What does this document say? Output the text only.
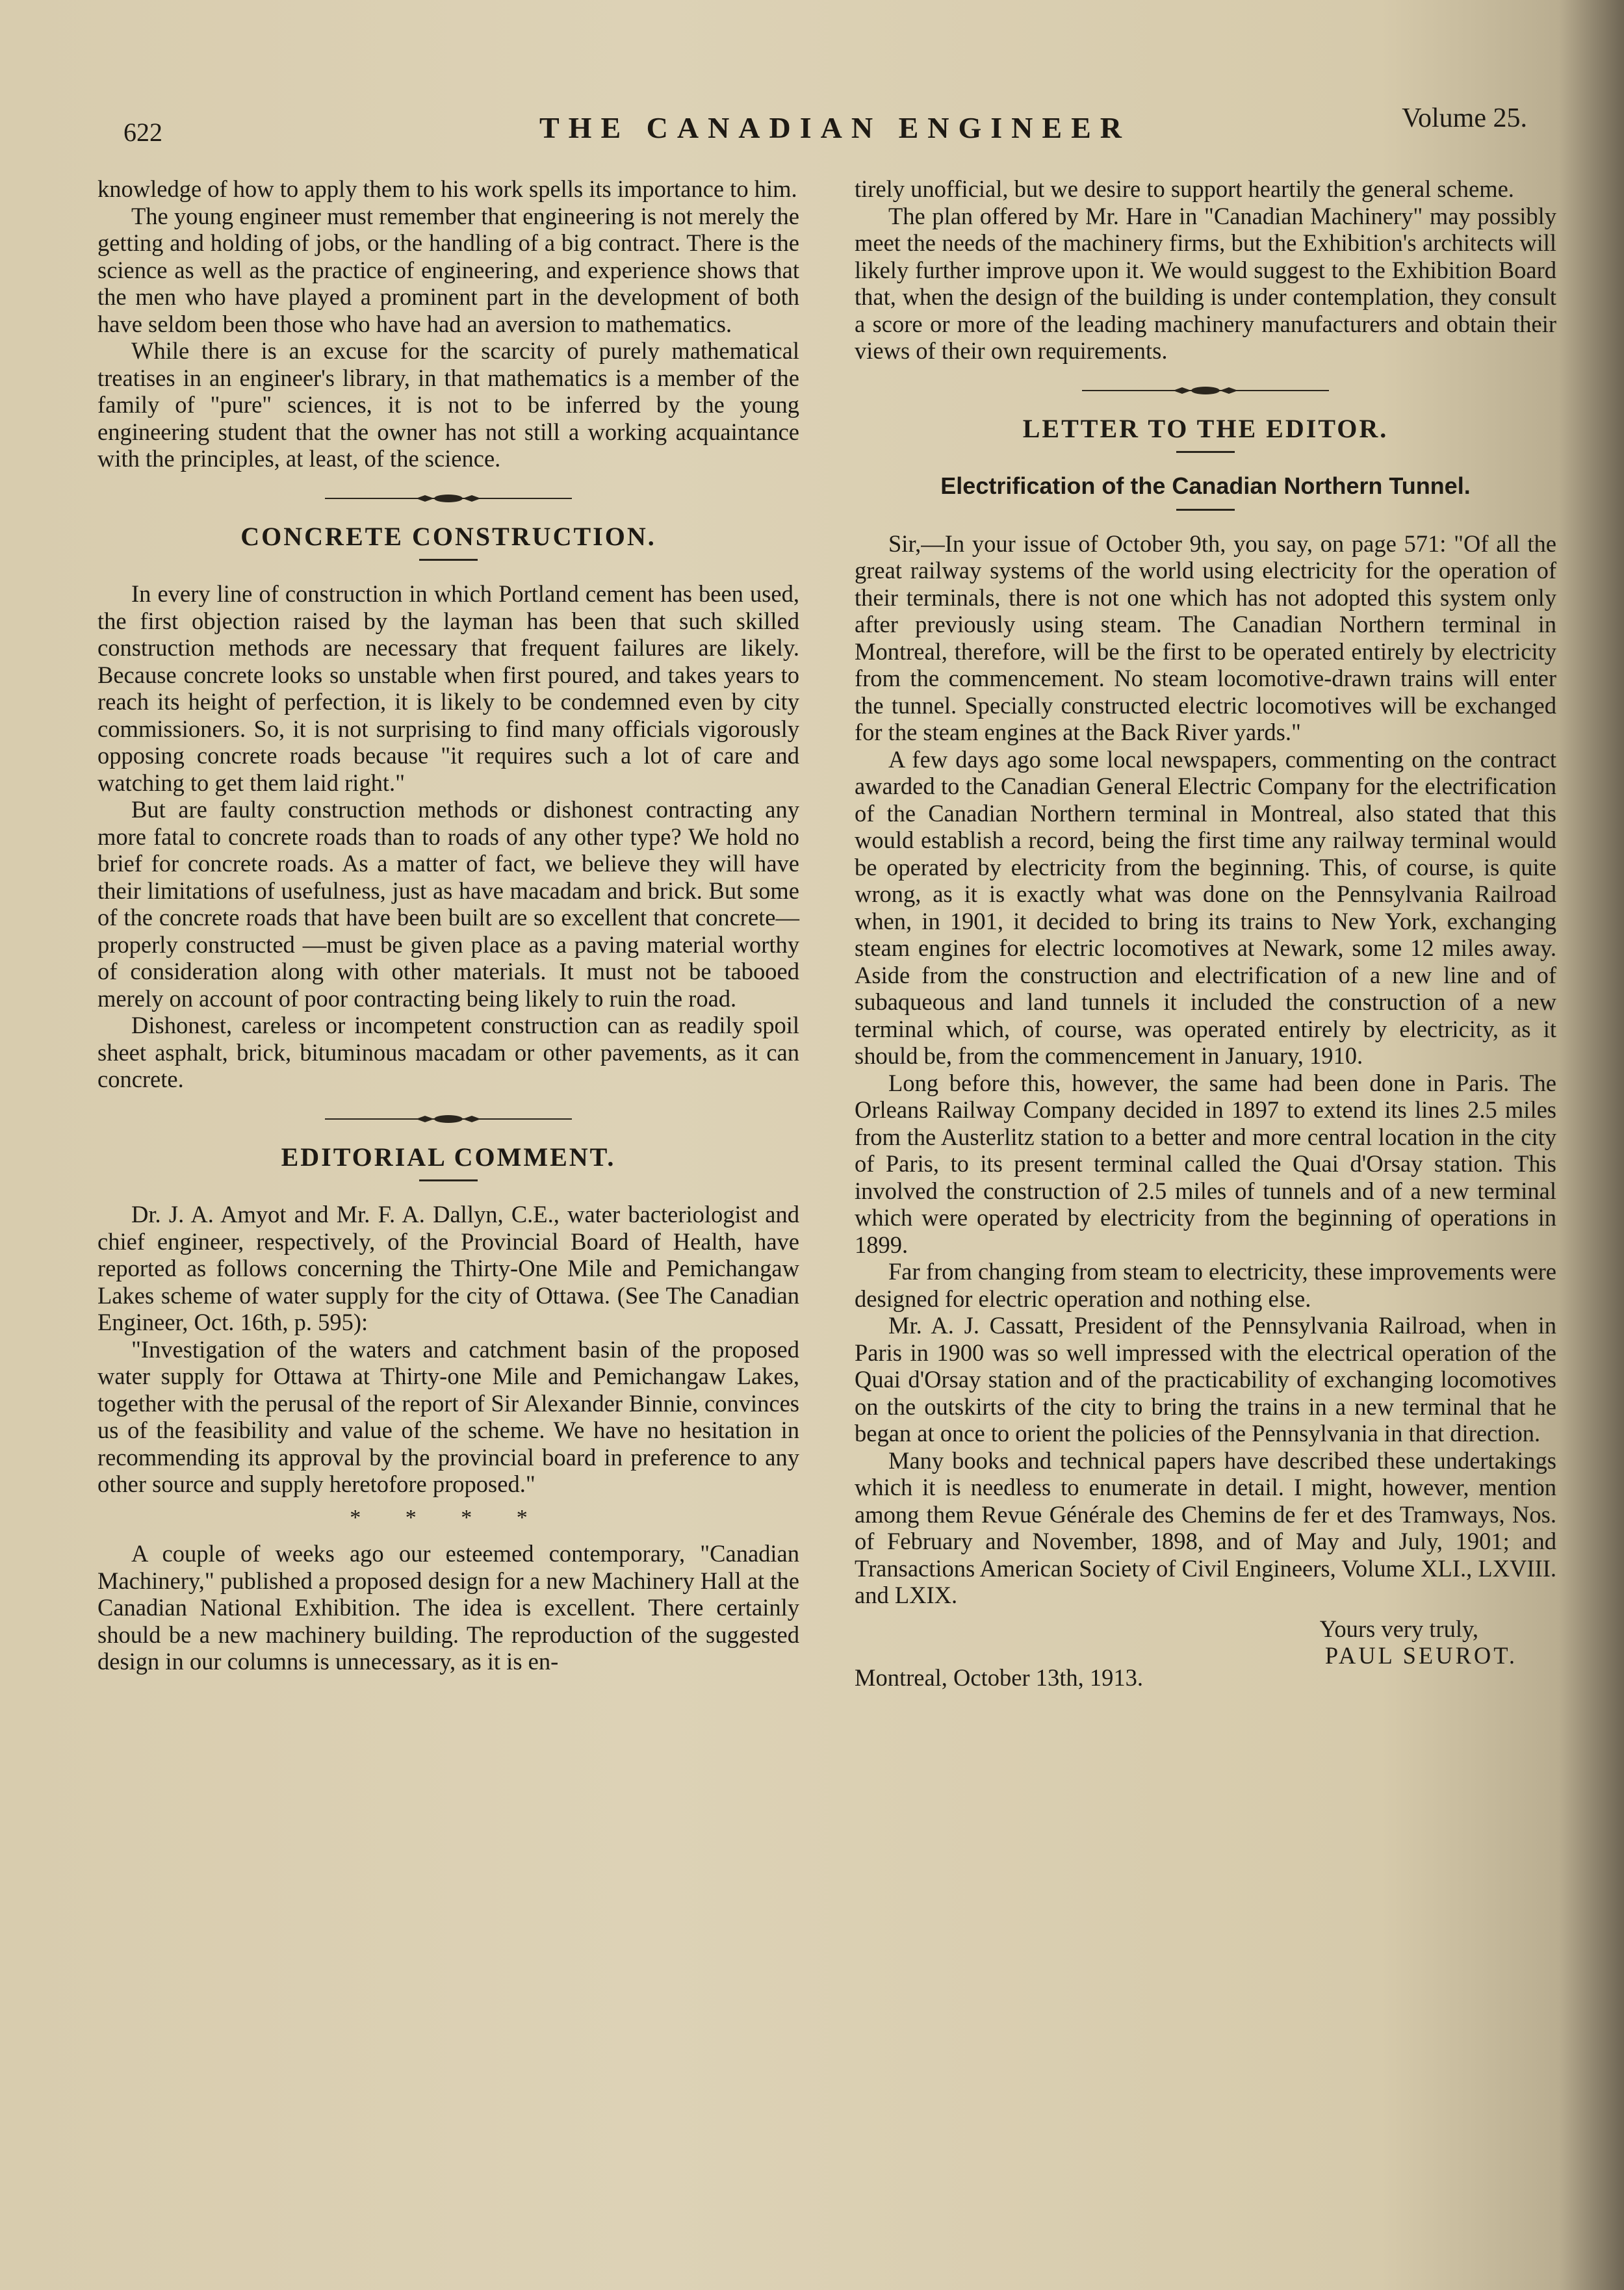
622	THE CANADIAN ENGINEER	Volume 25.

knowledge of how to apply them to his work spells its importance to him.

The young engineer must remember that engineering is not merely the getting and holding of jobs, or the handling of a big contract. There is the science as well as the practice of engineering, and experience shows that the men who have played a prominent part in the development of both have seldom been those who have had an aversion to mathematics.

While there is an excuse for the scarcity of purely mathematical treatises in an engineer's library, in that mathematics is a member of the family of "pure" sciences, it is not to be inferred by the young engineering student that the owner has not still a working acquaintance with the principles, at least, of the science.

CONCRETE CONSTRUCTION.

In every line of construction in which Portland cement has been used, the first objection raised by the layman has been that such skilled construction methods are necessary that frequent failures are likely. Because concrete looks so unstable when first poured, and takes years to reach its height of perfection, it is likely to be condemned even by city commissioners. So, it is not surprising to find many officials vigorously opposing concrete roads because "it requires such a lot of care and watching to get them laid right."

But are faulty construction methods or dishonest contracting any more fatal to concrete roads than to roads of any other type? We hold no brief for concrete roads. As a matter of fact, we believe they will have their limitations of usefulness, just as have macadam and brick. But some of the concrete roads that have been built are so excellent that concrete—properly constructed —must be given place as a paving material worthy of consideration along with other materials. It must not be tabooed merely on account of poor contracting being likely to ruin the road.

Dishonest, careless or incompetent construction can as readily spoil sheet asphalt, brick, bituminous macadam or other pavements, as it can concrete.

EDITORIAL COMMENT.

Dr. J. A. Amyot and Mr. F. A. Dallyn, C.E., water bacteriologist and chief engineer, respectively, of the Provincial Board of Health, have reported as follows concerning the Thirty-One Mile and Pemichangaw Lakes scheme of water supply for the city of Ottawa. (See The Canadian Engineer, Oct. 16th, p. 595):

"Investigation of the waters and catchment basin of the proposed water supply for Ottawa at Thirty-one Mile and Pemichangaw Lakes, together with the perusal of the report of Sir Alexander Binnie, convinces us of the feasibility and value of the scheme. We have no hesitation in recommending its approval by the provincial board in preference to any other source and supply heretofore proposed."

* * * *

A couple of weeks ago our esteemed contemporary, "Canadian Machinery," published a proposed design for a new Machinery Hall at the Canadian National Exhibition. The idea is excellent. There certainly should be a new machinery building. The reproduction of the suggested design in our columns is unnecessary, as it is en-

tirely unofficial, but we desire to support heartily the general scheme.

The plan offered by Mr. Hare in "Canadian Machinery" may possibly meet the needs of the machinery firms, but the Exhibition's architects will likely further improve upon it. We would suggest to the Exhibition Board that, when the design of the building is under contemplation, they consult a score or more of the leading machinery manufacturers and obtain their views of their own requirements.

LETTER TO THE EDITOR.
Electrification of the Canadian Northern Tunnel.

Sir,—In your issue of October 9th, you say, on page 571: "Of all the great railway systems of the world using electricity for the operation of their terminals, there is not one which has not adopted this system only after previously using steam. The Canadian Northern terminal in Montreal, therefore, will be the first to be operated entirely by electricity from the commencement. No steam locomotive-drawn trains will enter the tunnel. Specially constructed electric locomotives will be exchanged for the steam engines at the Back River yards."

A few days ago some local newspapers, commenting on the contract awarded to the Canadian General Electric Company for the electrification of the Canadian Northern terminal in Montreal, also stated that this would establish a record, being the first time any railway terminal would be operated by electricity from the beginning. This, of course, is quite wrong, as it is exactly what was done on the Pennsylvania Railroad when, in 1901, it decided to bring its trains to New York, exchanging steam engines for electric locomotives at Newark, some 12 miles away. Aside from the construction and electrification of a new line and of subaqueous and land tunnels it included the construction of a new terminal which, of course, was operated entirely by electricity, as it should be, from the commencement in January, 1910.

Long before this, however, the same had been done in Paris. The Orleans Railway Company decided in 1897 to extend its lines 2.5 miles from the Austerlitz station to a better and more central location in the city of Paris, to its present terminal called the Quai d'Orsay station. This involved the construction of 2.5 miles of tunnels and of a new terminal which were operated by electricity from the beginning of operations in 1899.

Far from changing from steam to electricity, these improvements were designed for electric operation and nothing else.

Mr. A. J. Cassatt, President of the Pennsylvania Railroad, when in Paris in 1900 was so well impressed with the electrical operation of the Quai d'Orsay station and of the practicability of exchanging locomotives on the outskirts of the city to bring the trains in a new terminal that he began at once to orient the policies of the Pennsylvania in that direction.

Many books and technical papers have described these undertakings which it is needless to enumerate in detail. I might, however, mention among them Revue Générale des Chemins de fer et des Tramways, Nos. of February and November, 1898, and of May and July, 1901; and Transactions American Society of Civil Engineers, Volume XLI., LXVIII. and LXIX.

Yours very truly,
PAUL SEUROT.
Montreal, October 13th, 1913.
